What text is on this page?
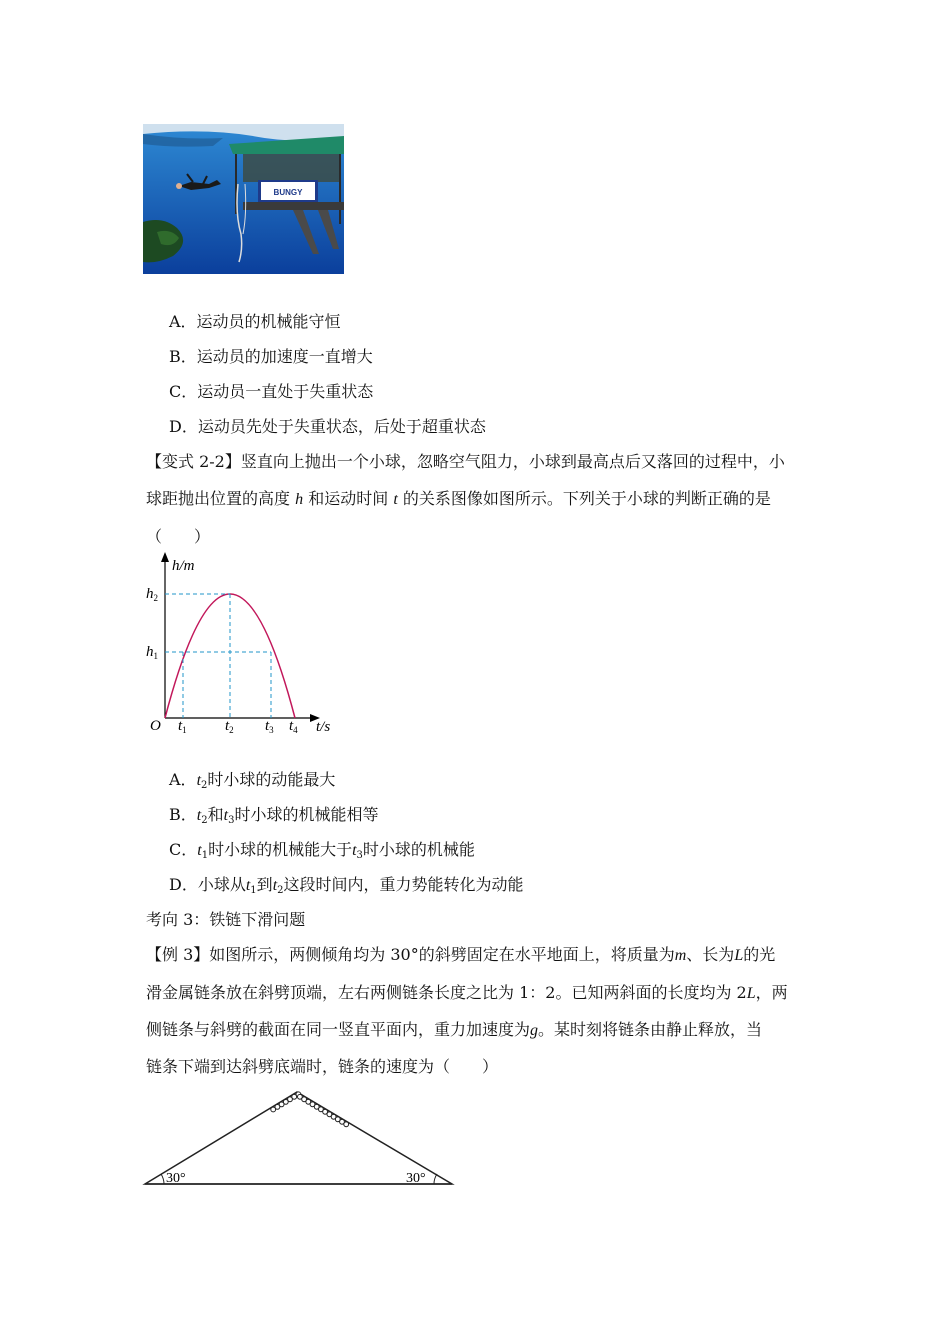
BUNGY
A．运动员的机械能守恒
B．运动员的加速度一直增大
C．运动员一直处于失重状态
D．运动员先处于失重状态，后处于超重状态
【变式 2-2】竖直向上抛出一个小球，忽略空气阻力，小球到最高点后又落回的过程中，小
球距抛出位置的高度 h 和运动时间 t 的关系图像如图所示。下列关于小球的判断正确的是
（　　）
h/m
t/s
O
$h_2$
$h_1$
$t_1$	$t_2$ $t_3$ $t_4$
A．$t_2$时小球的动能最大
B．$t_2$和$t_3$时小球的机械能相等
C．$t_1$时小球的机械能大于$t_3$时小球的机械能
D．小球从$t_1$到$t_2$这段时间内，重力势能转化为动能
考向 3：铁链下滑问题
【例 3】如图所示，两侧倾角均为 30°的斜劈固定在水平地面上，将质量为m、长为L的光
滑金属链条放在斜劈顶端，左右两侧链条长度之比为 1：2。已知两斜面的长度均为 2L，两
侧链条与斜劈的截面在同一竖直平面内，重力加速度为g。某时刻将链条由静止释放，当
链条下端到达斜劈底端时，链条的速度为（　　）
30°	30°
